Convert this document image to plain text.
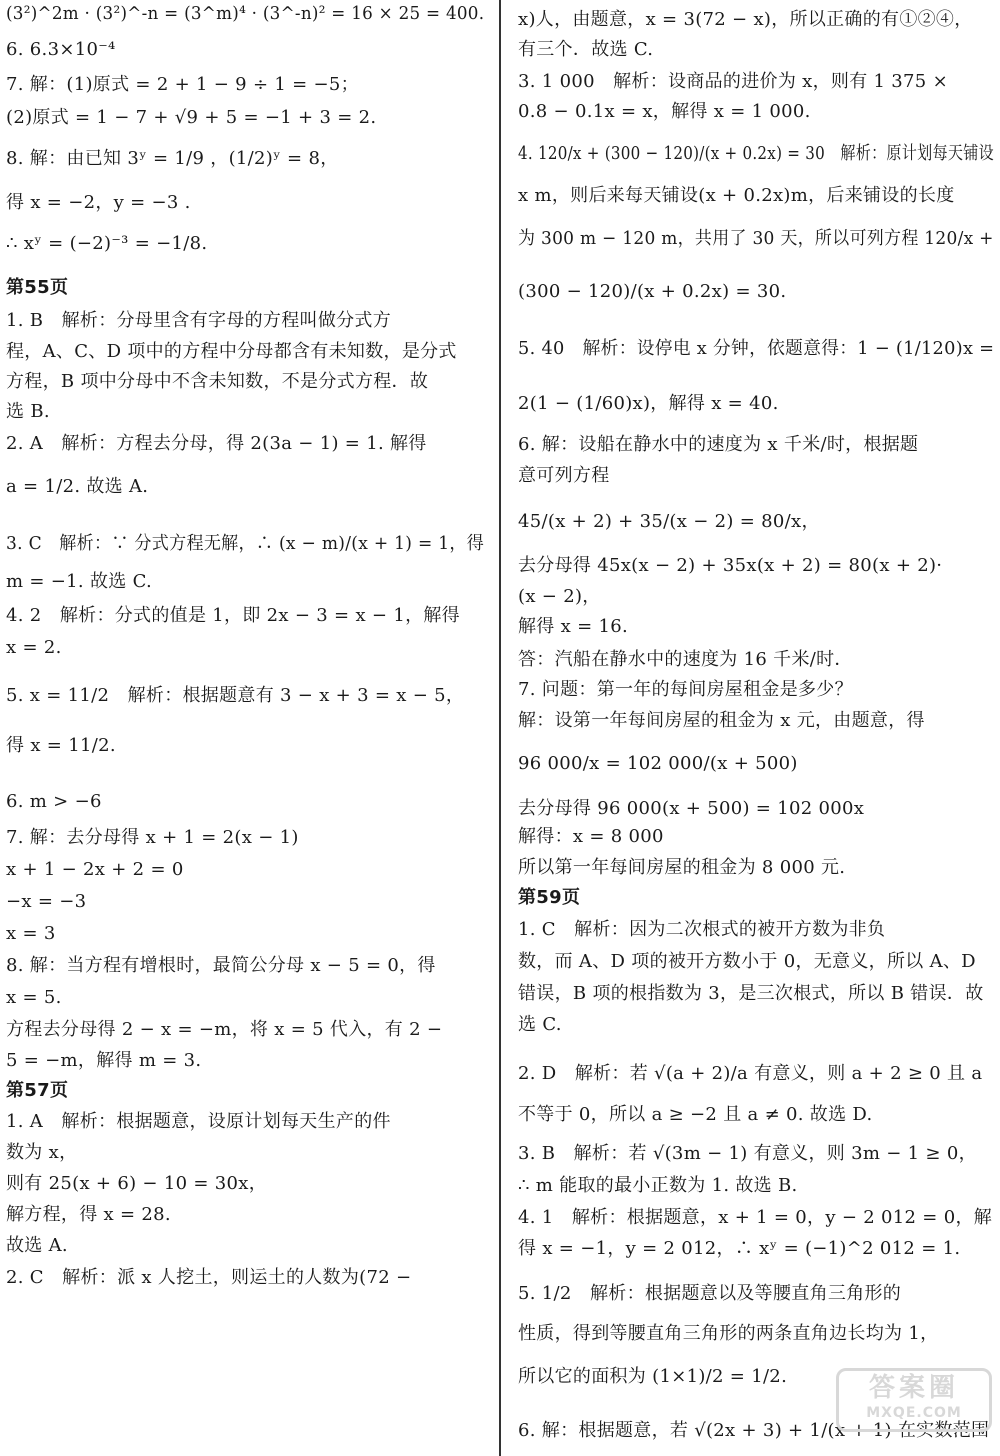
(3²)^2m · (3²)^-n = (3^m)⁴ · (3^-n)² = 16 × 25 = 400.
6. 6.3×10⁻⁴
7. 解：(1)原式 = 2 + 1 − 9 ÷ 1 = −5；
(2)原式 = 1 − 7 + √9 + 5 = −1 + 3 = 2.
8. 解：由已知 3ʸ = 1/9 ，(1/2)ʸ = 8，
得 x = −2，y = −3 .
∴ xʸ = (−2)⁻³ = −1/8.
第55页
1. B　解析：分母里含有字母的方程叫做分式方
程，A、C、D 项中的方程中分母都含有未知数，是分式
方程，B 项中分母中不含未知数，不是分式方程．故
选 B.
2. A　解析：方程去分母，得 2(3a − 1) = 1. 解得
a = 1/2. 故选 A.
3. C　解析：∵ 分式方程无解，∴ (x − m)/(x + 1) = 1，得
m = −1. 故选 C.
4. 2　解析：分式的值是 1，即 2x − 3 = x − 1，解得
x = 2.
5. x = 11/2　解析：根据题意有 3 − x + 3 = x − 5，
得 x = 11/2.
6. m > −6
7. 解：去分母得 x + 1 = 2(x − 1)
x + 1 − 2x + 2 = 0
−x = −3
x = 3
8. 解：当方程有增根时，最简公分母 x − 5 = 0，得
x = 5.
方程去分母得 2 − x = −m，将 x = 5 代入，有 2 −
5 = −m，解得 m = 3.
第57页
1. A　解析：根据题意，设原计划每天生产的件
数为 x，
则有 25(x + 6) − 10 = 30x，
解方程，得 x = 28.
故选 A.
2. C　解析：派 x 人挖土，则运土的人数为(72 −
x)人，由题意，x = 3(72 − x)，所以正确的有①②④，
有三个．故选 C.
3. 1 000　解析：设商品的进价为 x，则有 1 375 ×
0.8 − 0.1x = x，解得 x = 1 000.
4. 120/x + (300 − 120)/(x + 0.2x) = 30　解析：原计划每天铺设
x m，则后来每天铺设(x + 0.2x)m，后来铺设的长度
为 300 m − 120 m，共用了 30 天，所以可列方程 120/x +
(300 − 120)/(x + 0.2x) = 30.
5. 40　解析：设停电 x 分钟，依题意得：1 − (1/120)x =
2(1 − (1/60)x)，解得 x = 40.
6. 解：设船在静水中的速度为 x 千米/时，根据题
意可列方程
45/(x + 2) + 35/(x − 2) = 80/x，
去分母得 45x(x − 2) + 35x(x + 2) = 80(x + 2)·
(x − 2)，
解得 x = 16.
答：汽船在静水中的速度为 16 千米/时．
7. 问题：第一年的每间房屋租金是多少？
解：设第一年每间房屋的租金为 x 元，由题意，得
96 000/x = 102 000/(x + 500)
去分母得 96 000(x + 500) = 102 000x
解得：x = 8 000
所以第一年每间房屋的租金为 8 000 元.
第59页
1. C　解析：因为二次根式的被开方数为非负
数，而 A、D 项的被开方数小于 0，无意义，所以 A、D
错误，B 项的根指数为 3，是三次根式，所以 B 错误．故
选 C.
2. D　解析：若 √(a + 2)/a 有意义，则 a + 2 ≥ 0 且 a
不等于 0，所以 a ≥ −2 且 a ≠ 0. 故选 D.
3. B　解析：若 √(3m − 1) 有意义，则 3m − 1 ≥ 0，
∴ m 能取的最小正数为 1. 故选 B.
4. 1　解析：根据题意，x + 1 = 0，y − 2 012 = 0，解
得 x = −1，y = 2 012，∴ xʸ = (−1)^2 012 = 1.
5. 1/2　解析：根据题意以及等腰直角三角形的
性质，得到等腰直角三角形的两条直角边长均为 1，
所以它的面积为 (1×1)/2 = 1/2.
6. 解：根据题意，若 √(2x + 3) + 1/(x + 1) 在实数范围
答案圈
MXQE.COM
